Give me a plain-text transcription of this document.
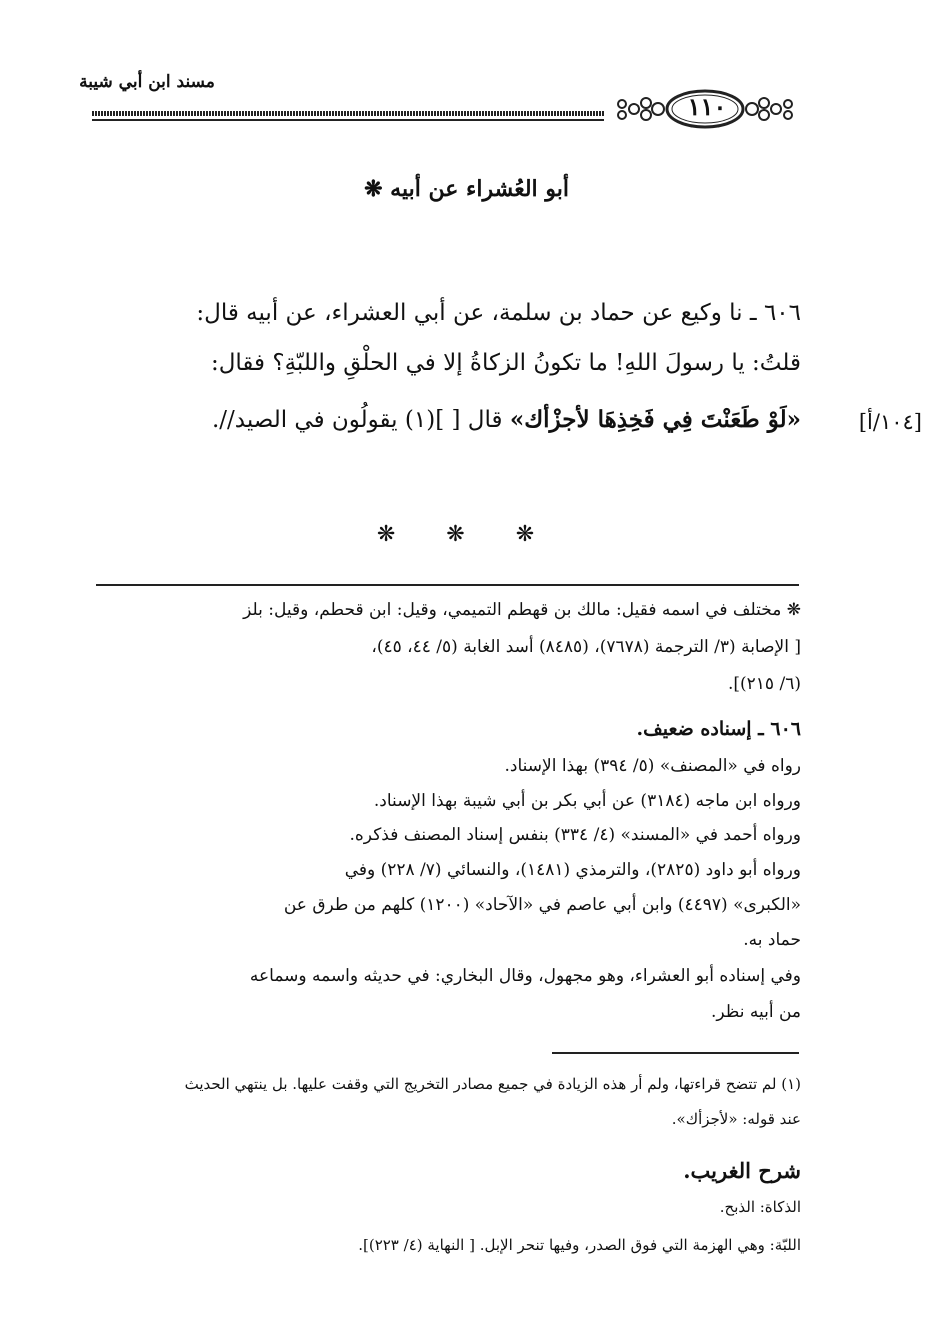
مسند ابن أبي شيبة
١١٠
أبو العُشراء عن أبيه ❋
٦٠٦ ـ نا وكيع عن حماد بن سلمة، عن أبي العشراء، عن أبيه قال:
قلتُ: يا رسولَ اللهِ! ما تكونُ الزكاةُ إلا في الحلْقِ واللبّةِ؟ فقال:
«لَوْ طَعَنْتَ فِي فَخِذِهَا لأجزْأك» قال [ ](١) يقولُون في الصيد//.	[١٠٤/أ]
❋ ❋ ❋
❋ مختلف في اسمه فقيل: مالك بن قهطم التميمي، وقيل: ابن قحطم، وقيل: بلز
[ الإصابة (٣/ الترجمة (٧٦٧٨)، (٨٤٨٥) أسد الغابة (٥/ ٤٤، ٤٥)،
(٦/ ٢١٥)].
٦٠٦ ـ إسناده ضعيف.
رواه في «المصنف» (٥/ ٣٩٤) بهذا الإسناد.
ورواه ابن ماجه (٣١٨٤) عن أبي بكر بن أبي شيبة بهذا الإسناد.
ورواه أحمد في «المسند» (٤/ ٣٣٤) بنفس إسناد المصنف فذكره.
ورواه أبو داود (٢٨٢٥)، والترمذي (١٤٨١)، والنسائي (٧/ ٢٢٨) وفي
«الكبرى» (٤٤٩٧) وابن أبي عاصم في «الآحاد» (١٢٠٠) كلهم من طرق عن
حماد به.
وفي إسناده أبو العشراء، وهو مجهول، وقال البخاري: في حديثه واسمه وسماعه
من أبيه نظر.
(١) لم تتضح قراءتها، ولم أر هذه الزيادة في جميع مصادر التخريج التي وقفت عليها. بل ينتهي الحديث
عند قوله: «لأجزأك».
شرح الغريب.
الذكاة: الذبح.
اللبّة: وهي الهزمة التي فوق الصدر، وفيها تنحر الإبل. [ النهاية (٤/ ٢٢٣)].
